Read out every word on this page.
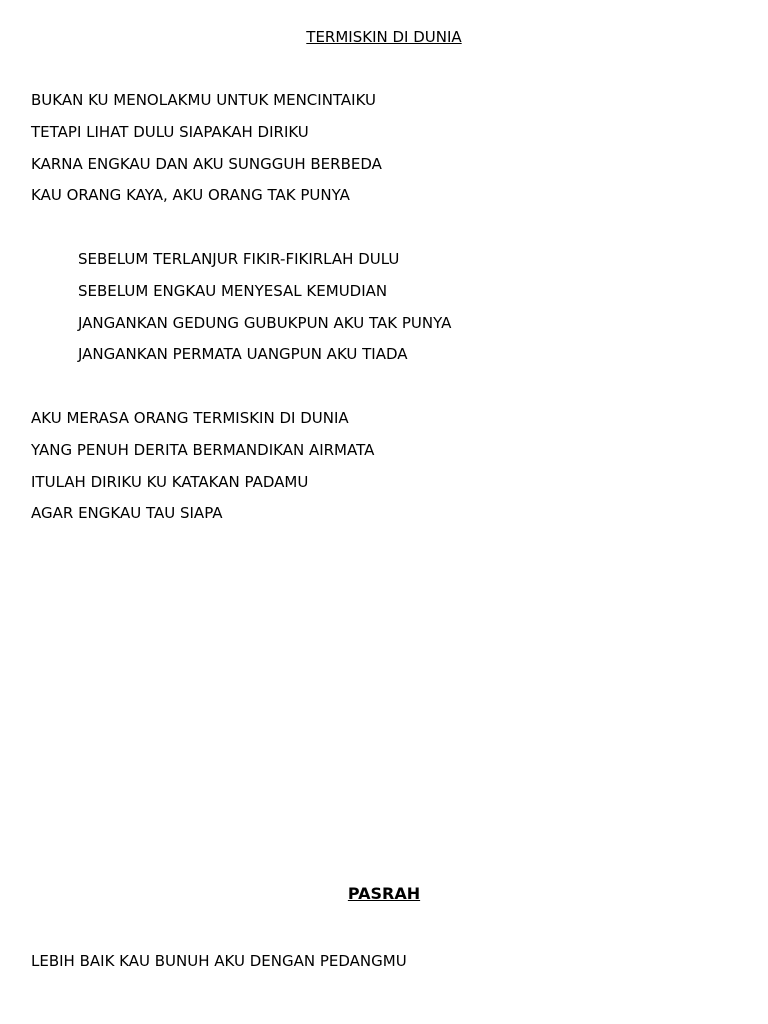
TERMISKIN DI DUNIA
BUKAN KU MENOLAKMU UNTUK MENCINTAIKU
TETAPI LIHAT DULU SIAPAKAH DIRIKU
KARNA ENGKAU DAN AKU SUNGGUH BERBEDA
KAU ORANG KAYA, AKU ORANG TAK PUNYA
SEBELUM TERLANJUR FIKIR-FIKIRLAH DULU
SEBELUM ENGKAU MENYESAL KEMUDIAN
JANGANKAN GEDUNG GUBUKPUN AKU TAK PUNYA
JANGANKAN PERMATA UANGPUN AKU TIADA
AKU MERASA ORANG TERMISKIN DI DUNIA
YANG PENUH DERITA BERMANDIKAN AIRMATA
ITULAH DIRIKU KU KATAKAN PADAMU
AGAR ENGKAU TAU SIAPA
PASRAH
LEBIH BAIK KAU BUNUH AKU DENGAN PEDANGMU
